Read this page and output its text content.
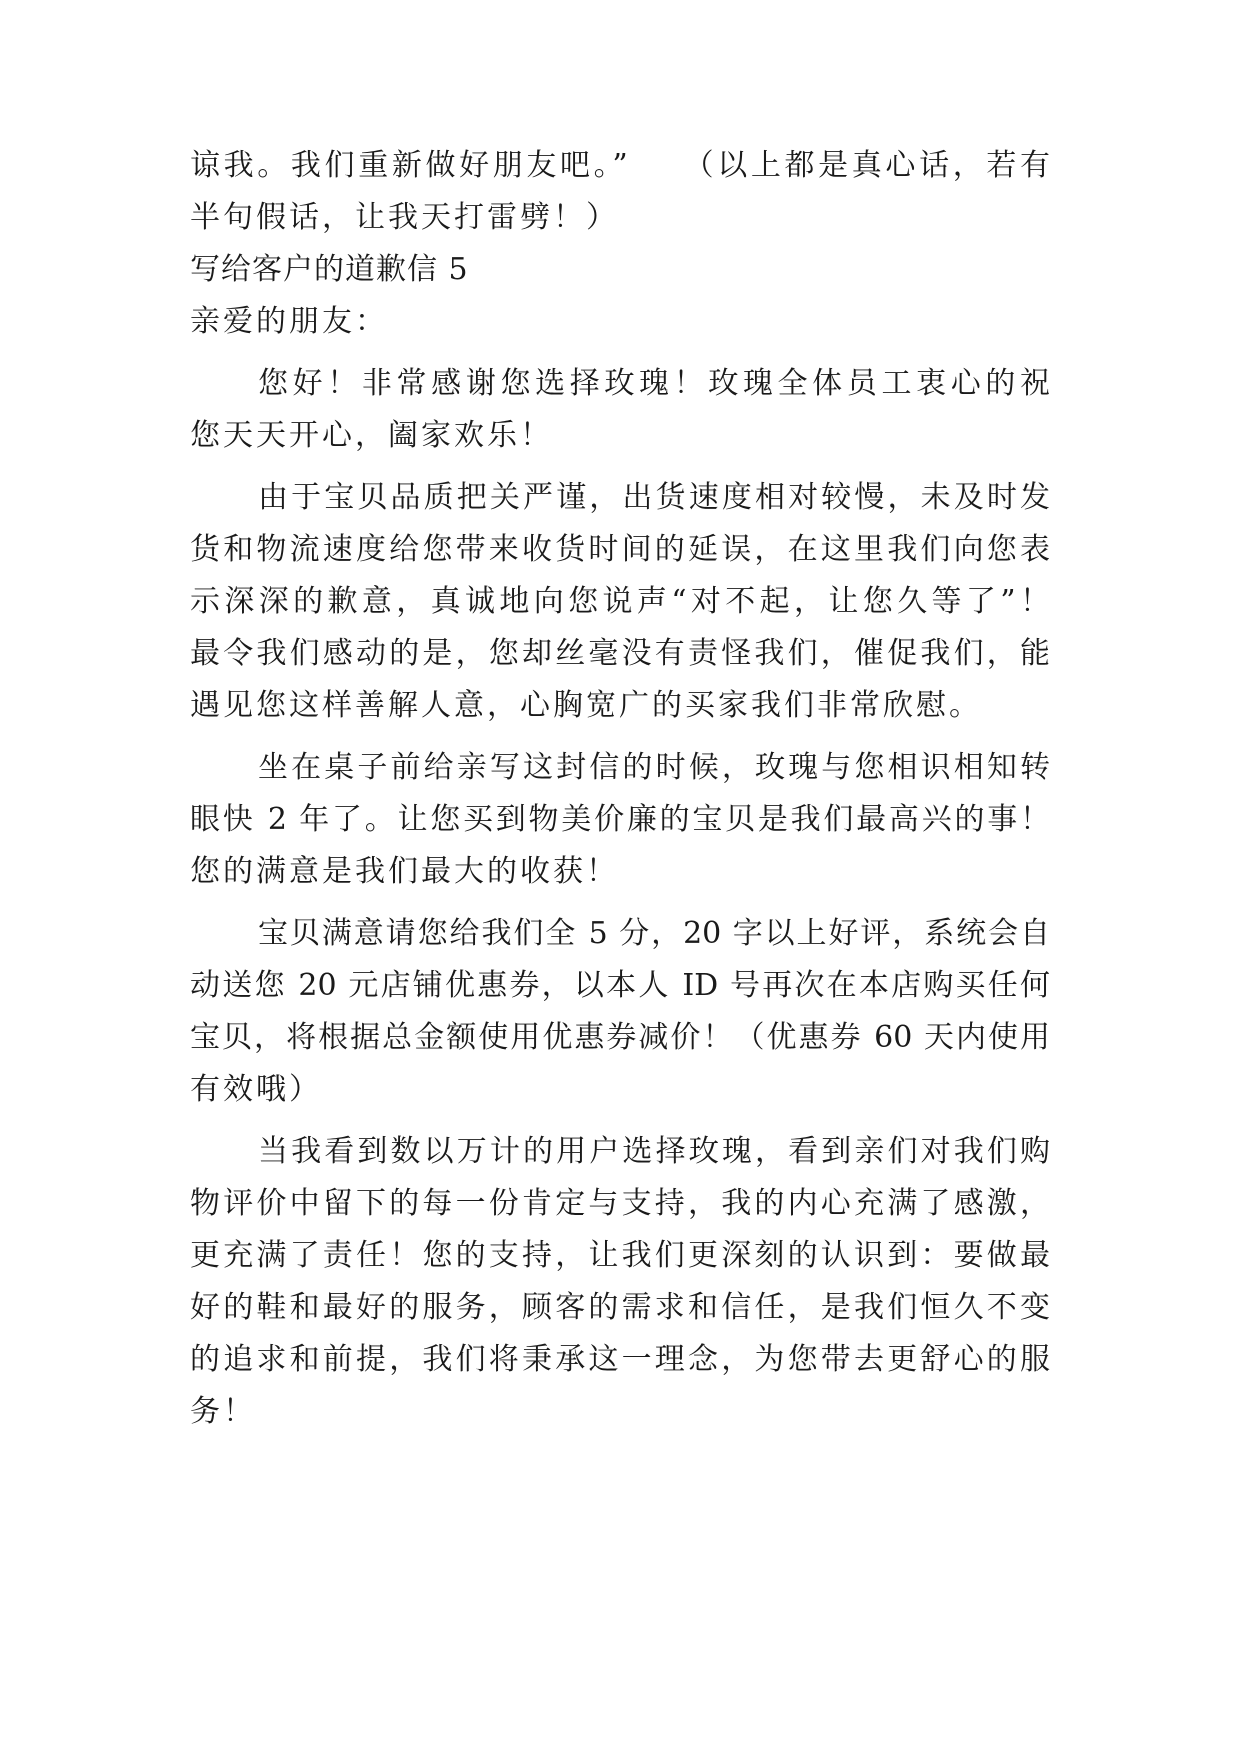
谅我。我们重新做好朋友吧。”　　（以上都是真心话，若有
半句假话，让我天打雷劈！）
写给客户的道歉信 5
亲爱的朋友：
您好！非常感谢您选择玫瑰！玫瑰全体员工衷心的祝
您天天开心，阖家欢乐！
由于宝贝品质把关严谨，出货速度相对较慢，未及时发
货和物流速度给您带来收货时间的延误，在这里我们向您表
示深深的歉意，真诚地向您说声“对不起，让您久等了”！
最令我们感动的是，您却丝毫没有责怪我们，催促我们，能
遇见您这样善解人意，心胸宽广的买家我们非常欣慰。
坐在桌子前给亲写这封信的时候，玫瑰与您相识相知转
眼快 2 年了。让您买到物美价廉的宝贝是我们最高兴的事！
您的满意是我们最大的收获！
宝贝满意请您给我们全 5 分，20 字以上好评，系统会自
动送您 20 元店铺优惠券，以本人 ID 号再次在本店购买任何
宝贝，将根据总金额使用优惠券减价！（优惠券 60 天内使用
有效哦）
当我看到数以万计的用户选择玫瑰，看到亲们对我们购
物评价中留下的每一份肯定与支持，我的内心充满了感激，
更充满了责任！您的支持，让我们更深刻的认识到：要做最
好的鞋和最好的服务，顾客的需求和信任，是我们恒久不变
的追求和前提，我们将秉承这一理念，为您带去更舒心的服
务！
